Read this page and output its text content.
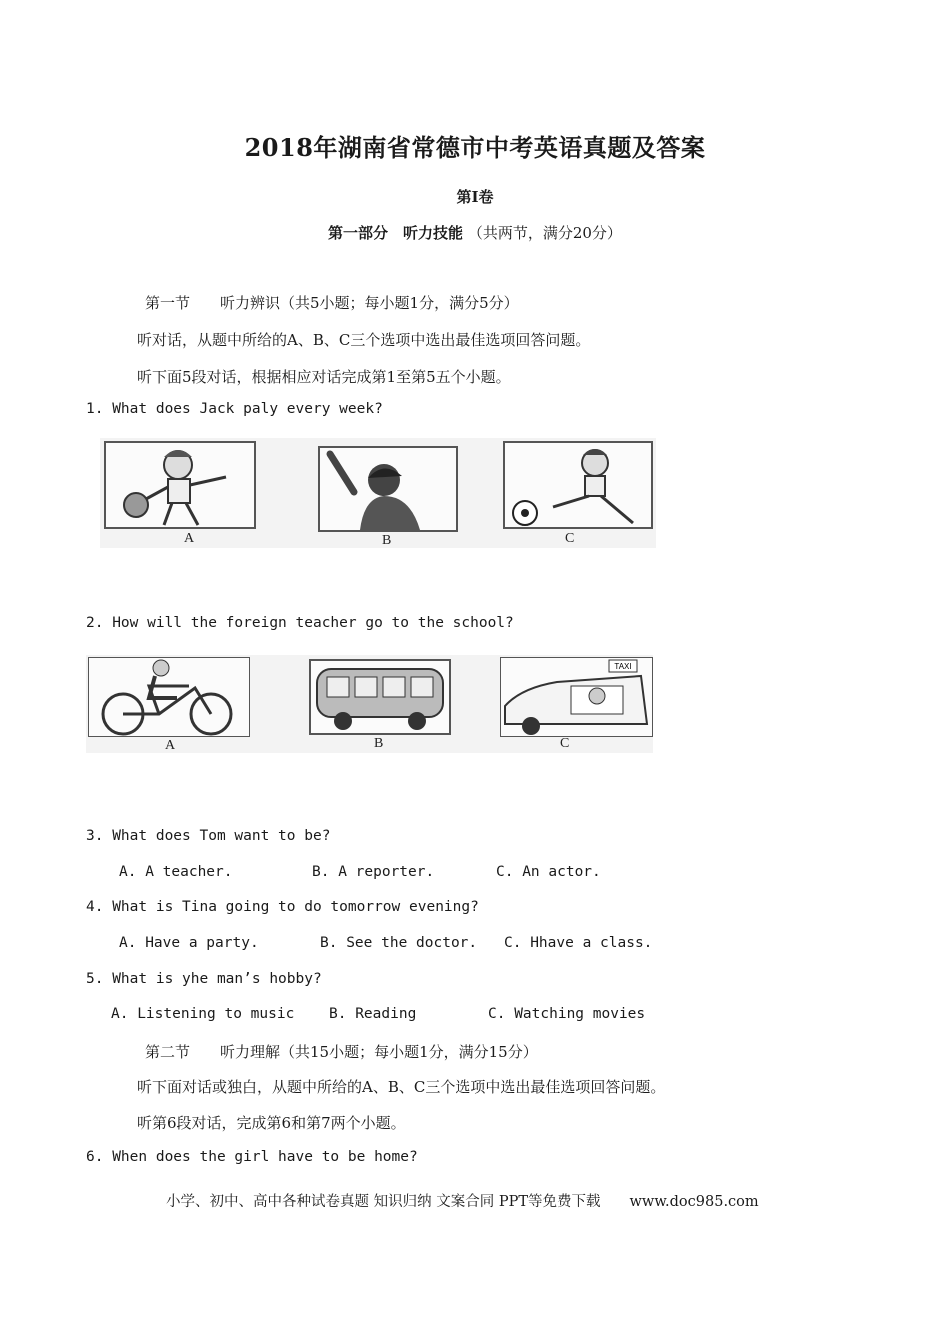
2018年湖南省常德市中考英语真题及答案
第I卷
第一部分　听力技能 （共两节，满分20分）
第一节　　听力辨识（共5小题；每小题1分，满分5分）
听对话，从题中所给的A、B、C三个选项中选出最佳选项回答问题。
听下面5段对话，根据相应对话完成第1至第5五个小题。
1. What does Jack paly every week?
A	B	C
2. How will the foreign teacher go to the school?
TAXI
A	B	C
3. What does Tom want to be?
A. A teacher.	B. A reporter.	C. An actor.
4. What is Tina going to do tomorrow evening?
A. Have a party.	B. See the doctor. C. Hhave a class.
5. What is yhe man’s hobby?
A. Listening to music B. Reading	C. Watching movies
第二节　　听力理解（共15小题；每小题1分，满分15分）
听下面对话或独白，从题中所给的A、B、C三个选项中选出最佳选项回答问题。
听第6段对话，完成第6和第7两个小题。
6. When does the girl have to be home?
小学、初中、高中各种试卷真题 知识归纳 文案合同 PPT等免费下载　　www.doc985.com
